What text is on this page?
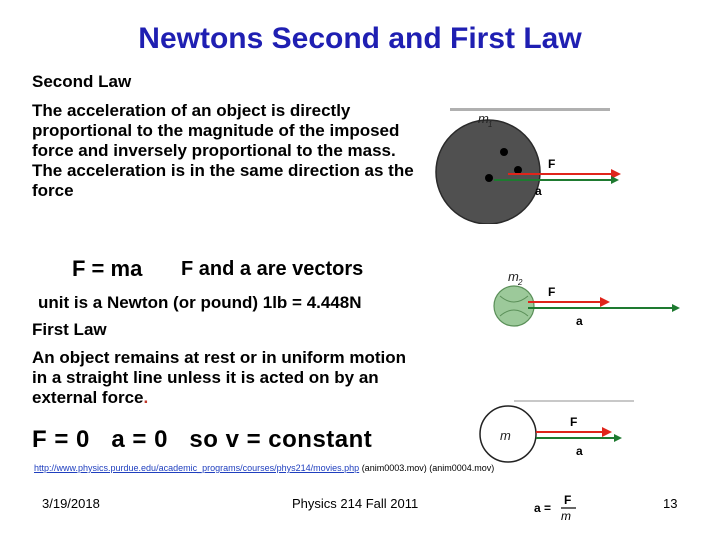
Newtons Second and First Law
Second Law
The acceleration of an object is directly proportional to the magnitude of the imposed force and inversely proportional to the mass. The acceleration is in the same direction as the force
F = ma F and a are vectors
unit is a Newton (or pound) 1lb = 4.448N
First Law
An object remains at rest or in uniform motion in a straight line unless it is acted on by an external force.
F = 0   a = 0   so v = constant
http://www.physics.purdue.edu/academic_programs/courses/phys214/movies.php (anim0003.mov) (anim0004.mov)
m 1
F
a
m 2
F
a
m
F
a
a =
F
m
3/19/2018	Physics 214 Fall 2011	13
